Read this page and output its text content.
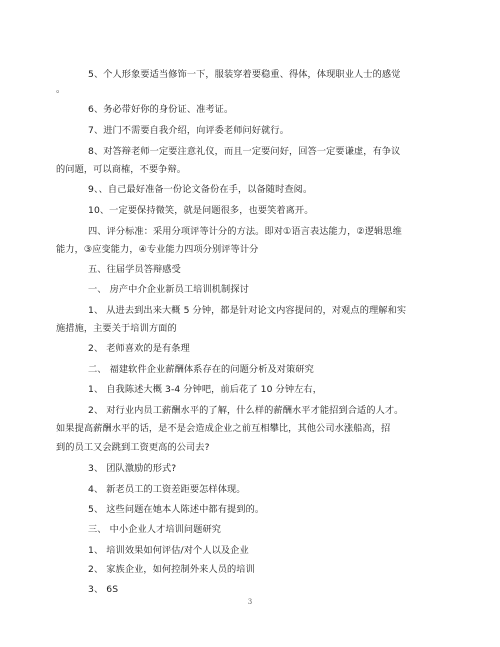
5、个人形象要适当修饰一下，服装穿着要稳重、得体，体现职业人士的感觉
。
6、务必带好你的身份证、准考证。
7、进门不需要自我介绍，向评委老师问好就行。
8、对答辩老师一定要注意礼仪，而且一定要问好，回答一定要谦虚，有争议
的问题，可以商榷，不要争辩。
9、、自己最好准备一份论文备份在手，以备随时查阅。
10、一定要保持微笑，就是问题很多，也要笑着离开。
四、评分标准：采用分项评等计分的方法。即对①语言表达能力，②逻辑思维
能力，③应变能力，④专业能力四项分别评等计分
五、往届学员答辩感受
一、 房产中介企业新员工培训机制探讨
1、 从进去到出来大概 5 分钟，都是针对论文内容提问的，对观点的理解和实
施措施，主要关于培训方面的
2、 老师喜欢的是有条理
二、 福建软件企业薪酬体系存在的问题分析及对策研究
1、 自我陈述大概 3-4 分钟吧，前后花了 10 分钟左右，
2、 对行业内员工薪酬水平的了解，什么样的薪酬水平才能招到合适的人才。
如果提高薪酬水平的话，是不是会造成企业之前互相攀比，其他公司水涨船高，招
到的员工又会跳到工资更高的公司去?
3、 团队激励的形式?
4、 新老员工的工资差距要怎样体现。
5、 这些问题在她本人陈述中都有提到的。
三、 中小企业人才培训问题研究
1、 培训效果如何评估/对个人以及企业
2、 家族企业，如何控制外来人员的培训
3、 6S
3
